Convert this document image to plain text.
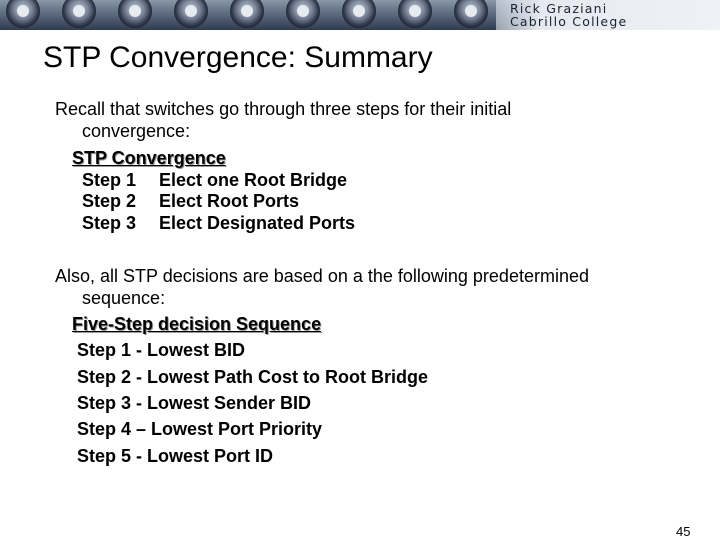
Rick Graziani
Cabrillo College
STP Convergence: Summary
Recall that switches go through three steps for their initial
convergence:
STP Convergence
Step 1 Elect one Root Bridge
Step 2 Elect Root Ports
Step 3 Elect Designated Ports
Also, all STP decisions are based on a the following predetermined
sequence:
Five-Step decision Sequence
Step 1 - Lowest BID
Step 2 - Lowest Path Cost to Root Bridge
Step 3 - Lowest Sender BID
Step 4 – Lowest Port Priority
Step 5 - Lowest Port ID
45
